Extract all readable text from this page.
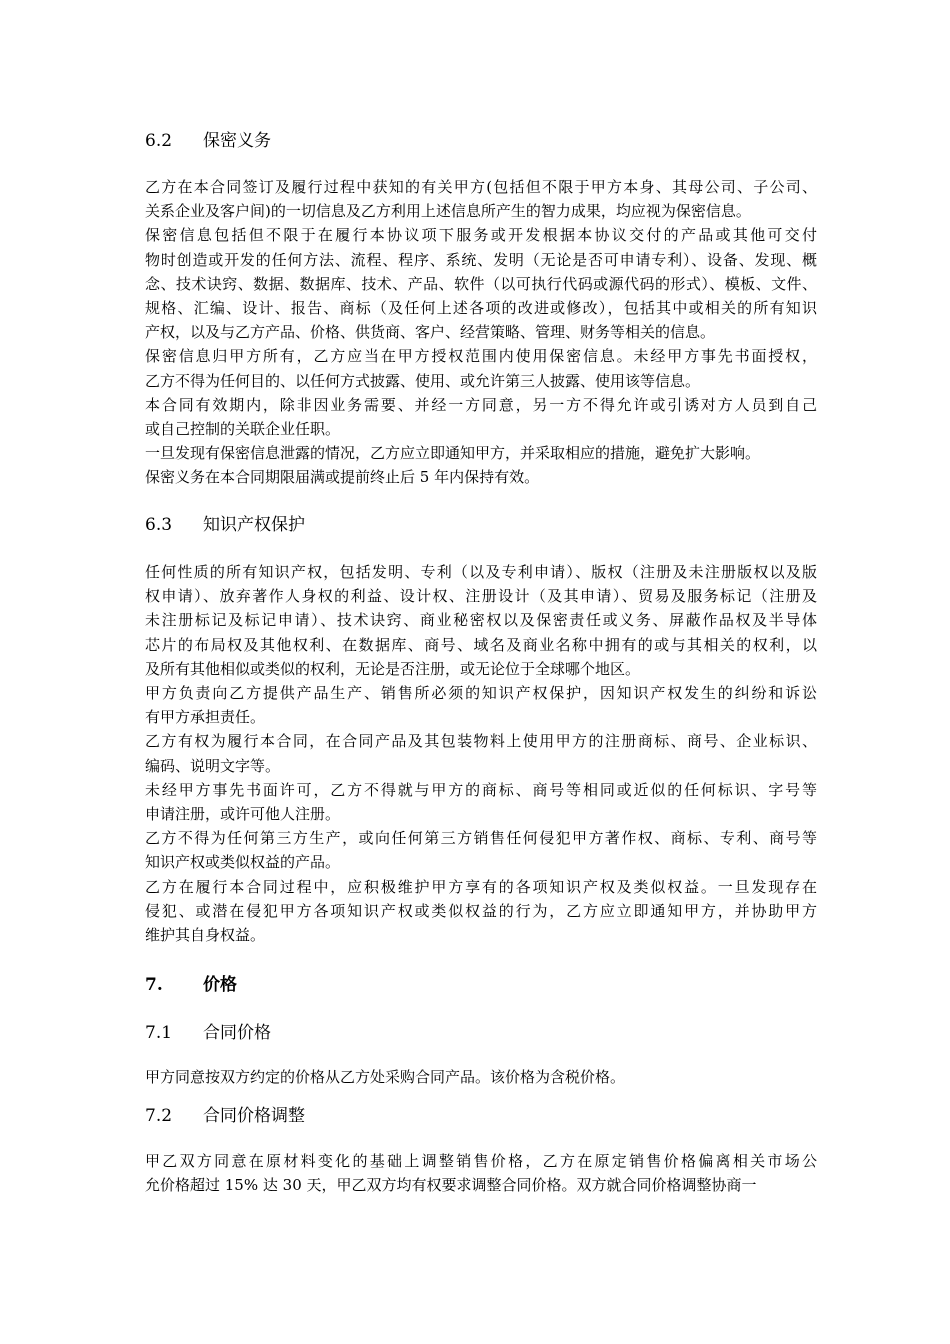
6.2 保密义务
乙方在本合同签订及履行过程中获知的有关甲方(包括但不限于甲方本身、其母公司、子公司、
关系企业及客户间)的一切信息及乙方利用上述信息所产生的智力成果，均应视为保密信息。
保密信息包括但不限于在履行本协议项下服务或开发根据本协议交付的产品或其他可交付
物时创造或开发的任何方法、流程、程序、系统、发明（无论是否可申请专利）、设备、发现、概
念、技术诀窍、数据、数据库、技术、产品、软件（以可执行代码或源代码的形式）、模板、文件、
规格、汇编、设计、报告、商标（及任何上述各项的改进或修改），包括其中或相关的所有知识
产权，以及与乙方产品、价格、供货商、客户、经营策略、管理、财务等相关的信息。
保密信息归甲方所有，乙方应当在甲方授权范围内使用保密信息。未经甲方事先书面授权，
乙方不得为任何目的、以任何方式披露、使用、或允许第三人披露、使用该等信息。
本合同有效期内，除非因业务需要、并经一方同意，另一方不得允许或引诱对方人员到自己
或自己控制的关联企业任职。
一旦发现有保密信息泄露的情况，乙方应立即通知甲方，并采取相应的措施，避免扩大影响。
保密义务在本合同期限届满或提前终止后 5 年内保持有效。
6.3 知识产权保护
任何性质的所有知识产权，包括发明、专利（以及专利申请）、版权（注册及未注册版权以及版
权申请）、放弃著作人身权的利益、设计权、注册设计（及其申请）、贸易及服务标记（注册及
未注册标记及标记申请）、技术诀窍、商业秘密权以及保密责任或义务、屏蔽作品权及半导体
芯片的布局权及其他权利、在数据库、商号、域名及商业名称中拥有的或与其相关的权利，以
及所有其他相似或类似的权利，无论是否注册，或无论位于全球哪个地区。
甲方负责向乙方提供产品生产、销售所必须的知识产权保护，因知识产权发生的纠纷和诉讼
有甲方承担责任。
乙方有权为履行本合同，在合同产品及其包装物料上使用甲方的注册商标、商号、企业标识、
编码、说明文字等。
未经甲方事先书面许可，乙方不得就与甲方的商标、商号等相同或近似的任何标识、字号等
申请注册，或许可他人注册。
乙方不得为任何第三方生产，或向任何第三方销售任何侵犯甲方著作权、商标、专利、商号等
知识产权或类似权益的产品。
乙方在履行本合同过程中，应积极维护甲方享有的各项知识产权及类似权益。一旦发现存在
侵犯、或潜在侵犯甲方各项知识产权或类似权益的行为，乙方应立即通知甲方，并协助甲方
维护其自身权益。
7. 价格
7.1 合同价格
甲方同意按双方约定的价格从乙方处采购合同产品。该价格为含税价格。
7.2 合同价格调整
甲乙双方同意在原材料变化的基础上调整销售价格，乙方在原定销售价格偏离相关市场公
允价格超过 15% 达 30 天，甲乙双方均有权要求调整合同价格。双方就合同价格调整协商一
